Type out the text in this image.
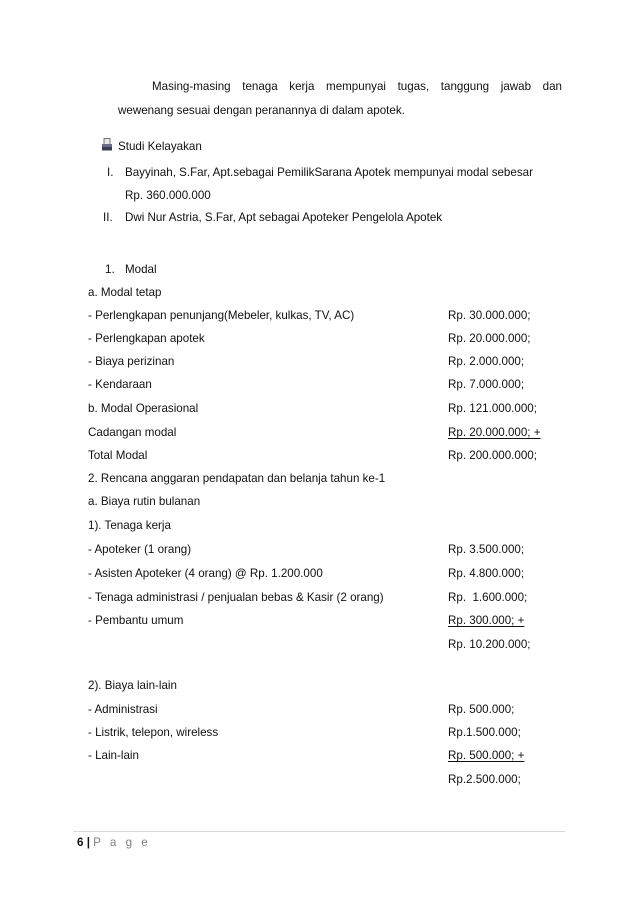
Masing-masing tenaga kerja mempunyai tugas, tanggung jawab dan
wewenang sesuai dengan peranannya di dalam apotek.
Studi Kelayakan
I. Bayyinah, S.Far, Apt.sebagai PemilikSarana Apotek mempunyai modal sebesar
Rp. 360.000.000
II. Dwi Nur Astria, S.Far, Apt sebagai Apoteker Pengelola Apotek
1. Modal
a. Modal tetap
- Perlengkapan penunjang(Mebeler, kulkas, TV, AC)	Rp. 30.000.000;
- Perlengkapan apotek	Rp. 20.000.000;
- Biaya perizinan	Rp. 2.000.000;
- Kendaraan	Rp. 7.000.000;
b. Modal Operasional	Rp. 121.000.000;
Cadangan modal	Rp. 20.000.000; +
Total Modal	Rp. 200.000.000;
2. Rencana anggaran pendapatan dan belanja tahun ke-1
a. Biaya rutin bulanan
1). Tenaga kerja
- Apoteker (1 orang)	Rp. 3.500.000;
- Asisten Apoteker (4 orang) @ Rp. 1.200.000	Rp. 4.800.000;
- Tenaga administrasi / penjualan bebas & Kasir (2 orang)	Rp.  1.600.000;
- Pembantu umum	Rp. 300.000; +
Rp. 10.200.000;
2). Biaya lain-lain
- Administrasi	Rp. 500.000;
- Listrik, telepon, wireless	Rp.1.500.000;
- Lain-lain	Rp. 500.000; +
Rp.2.500.000;
6 | P a g e
